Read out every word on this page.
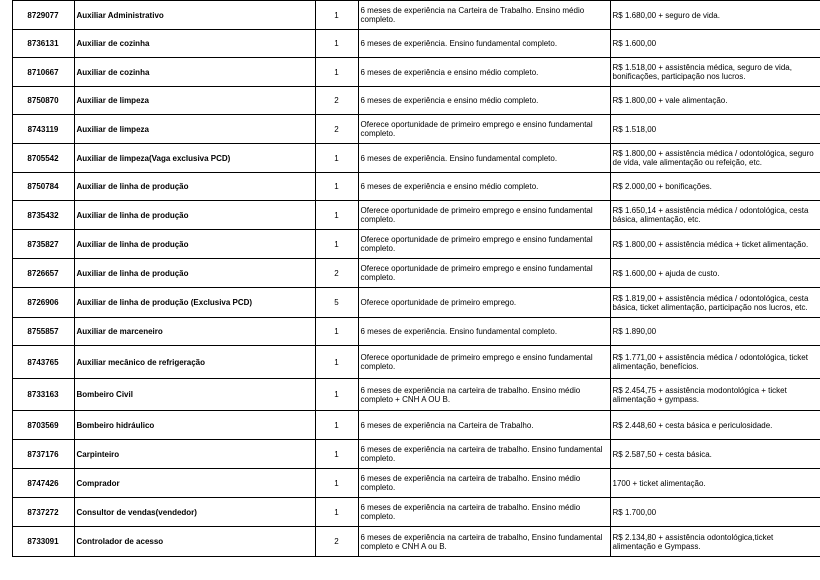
	8729077	Auxiliar Administrativo	1	6 meses de experiência na Carteira de Trabalho. Ensino médio completo.	R$ 1.680,00 + seguro de vida.
	8736131	Auxiliar de cozinha	1	6 meses de experiência. Ensino fundamental completo.	R$ 1.600,00
	8710667	Auxiliar de cozinha	1	6 meses de experiência e ensino médio completo.	R$ 1.518,00 + assistência médica, seguro de vida, bonificações, participação nos lucros.
	8750870	Auxiliar de limpeza	2	6 meses de experiência e ensino médio completo.	R$ 1.800,00 + vale alimentação.
	8743119	Auxiliar de limpeza	2	Oferece oportunidade de primeiro emprego e ensino fundamental completo.	R$ 1.518,00
	8705542	Auxiliar de limpeza(Vaga exclusiva PCD)	1	6 meses de experiência. Ensino fundamental completo.	R$ 1.800,00 + assistência médica / odontológica, seguro de vida, vale alimentação ou refeição, etc.
	8750784	Auxiliar de linha de produção	1	6 meses de experiência e ensino médio completo.	R$ 2.000,00 + bonificações.
	8735432	Auxiliar de linha de produção	1	Oferece oportunidade de primeiro emprego e ensino fundamental completo.	R$ 1.650,14 + assistência médica / odontológica, cesta básica, alimentação, etc.
	8735827	Auxiliar de linha de produção	1	Oferece oportunidade de primeiro emprego e ensino fundamental completo.	R$ 1.800,00 + assistência médica + ticket alimentação.
	8726657	Auxiliar de linha de produção	2	Oferece oportunidade de primeiro emprego e ensino fundamental completo.	R$ 1.600,00 + ajuda de custo.
	8726906	Auxiliar de linha de produção (Exclusiva PCD)	5	Oferece oportunidade de primeiro emprego.	R$ 1.819,00 + assistência médica / odontológica, cesta básica, ticket alimentação, participação nos lucros, etc.
	8755857	Auxiliar de marceneiro	1	6 meses de experiência. Ensino fundamental completo.	R$ 1.890,00
	8743765	Auxiliar mecânico de refrigeração	1	Oferece oportunidade de primeiro emprego e ensino fundamental completo.	R$ 1.771,00 + assistência médica / odontológica, ticket alimentação, benefícios.
	8733163	Bombeiro Civil	1	6 meses de experiência na carteira de trabalho. Ensino médio completo + CNH A OU B.	R$ 2.454,75 + assistência modontológica + ticket alimentação + gympass.
	8703569	Bombeiro hidráulico	1	6 meses de experiência na Carteira de Trabalho.	R$ 2.448,60 + cesta básica e periculosidade.
	8737176	Carpinteiro	1	6 meses de experiência na carteira de trabalho. Ensino fundamental completo.	R$ 2.587,50 + cesta básica.
	8747426	Comprador	1	6 meses de experiência na carteira de trabalho. Ensino médio completo.	1700 + ticket alimentação.
	8737272	Consultor de vendas(vendedor)	1	6 meses de experiência na carteira de trabalho. Ensino médio completo.	R$ 1.700,00
	8733091	Controlador de acesso	2	6 meses de experiência na carteira de trabalho, Ensino fundamental completo e CNH A ou B.	R$ 2.134,80 + assistência odontológica,ticket alimentação e Gympass.
